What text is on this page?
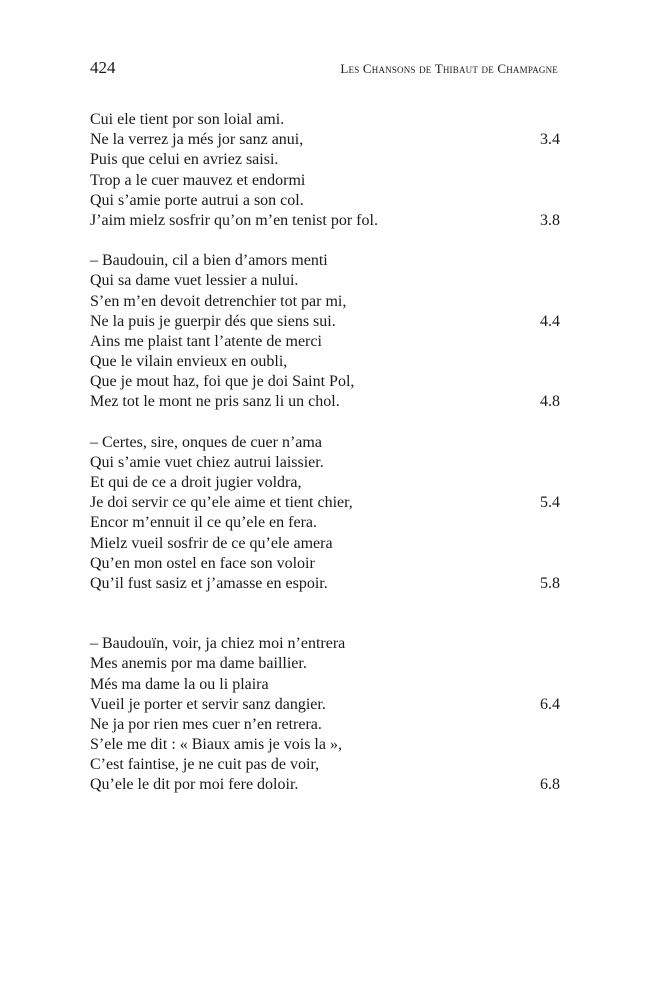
424	Les Chansons de Thibaut de Champagne
Cui ele tient por son loial ami.
Ne la verrez ja més jor sanz anui,	3.4
Puis que celui en avriez saisi.
Trop a le cuer mauvez et endormi
Qui s’amie porte autrui a son col.
J’aim mielz sosfrir qu’on m’en tenist por fol.	3.8
– Baudouin, cil a bien d’amors menti
Qui sa dame vuet lessier a nului.
S’en m’en devoit detrenchier tot par mi,
Ne la puis je guerpir dés que siens sui.	4.4
Ains me plaist tant l’atente de merci
Que le vilain envieux en oubli,
Que je mout haz, foi que je doi Saint Pol,
Mez tot le mont ne pris sanz li un chol.	4.8
– Certes, sire, onques de cuer n’ama
Qui s’amie vuet chiez autrui laissier.
Et qui de ce a droit jugier voldra,
Je doi servir ce qu’ele aime et tient chier,	5.4
Encor m’ennuit il ce qu’ele en fera.
Mielz vueil sosfrir de ce qu’ele amera
Qu’en mon ostel en face son voloir
Qu’il fust sasiz et j’amasse en espoir.	5.8
– Baudouïn, voir, ja chiez moi n’entrera
Mes anemis por ma dame baillier.
Més ma dame la ou li plaira
Vueil je porter et servir sanz dangier.	6.4
Ne ja por rien mes cuer n’en retrera.
S’ele me dit : « Biaux amis je vois la »,
C’est faintise, je ne cuit pas de voir,
Qu’ele le dit por moi fere doloir.	6.8
